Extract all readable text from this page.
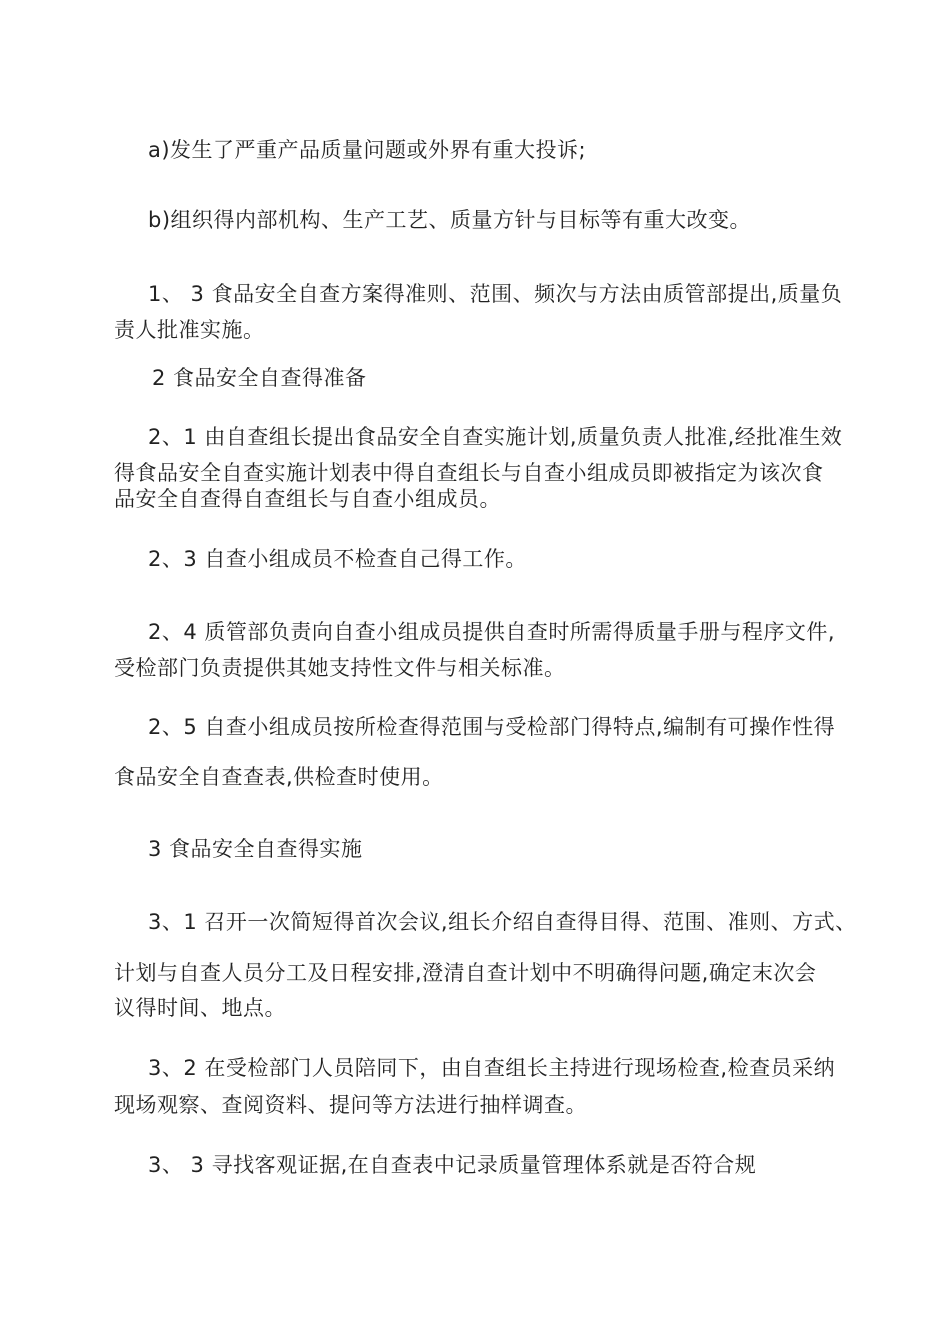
a)发生了严重产品质量问题或外界有重大投诉;
b)组织得内部机构、生产工艺、质量方针与目标等有重大改变。
1、 3 食品安全自查方案得准则、范围、频次与方法由质管部提出,质量负
责人批准实施。
2 食品安全自查得准备
2、1 由自查组长提出食品安全自查实施计划,质量负责人批准,经批准生效
得食品安全自查实施计划表中得自查组长与自查小组成员即被指定为该次食
品安全自查得自查组长与自查小组成员。
2、3 自查小组成员不检查自己得工作。
2、4 质管部负责向自查小组成员提供自查时所需得质量手册与程序文件,
受检部门负责提供其她支持性文件与相关标准。
2、5 自查小组成员按所检查得范围与受检部门得特点,编制有可操作性得
食品安全自查查表,供检查时使用。
3 食品安全自查得实施
3、1 召开一次简短得首次会议,组长介绍自查得目得、范围、准则、方式、
计划与自查人员分工及日程安排,澄清自查计划中不明确得问题,确定末次会
议得时间、地点。
3、2 在受检部门人员陪同下，由自查组长主持进行现场检查,检查员采纳
现场观察、查阅资料、提问等方法进行抽样调查。
3、 3 寻找客观证据,在自查表中记录质量管理体系就是否符合规
